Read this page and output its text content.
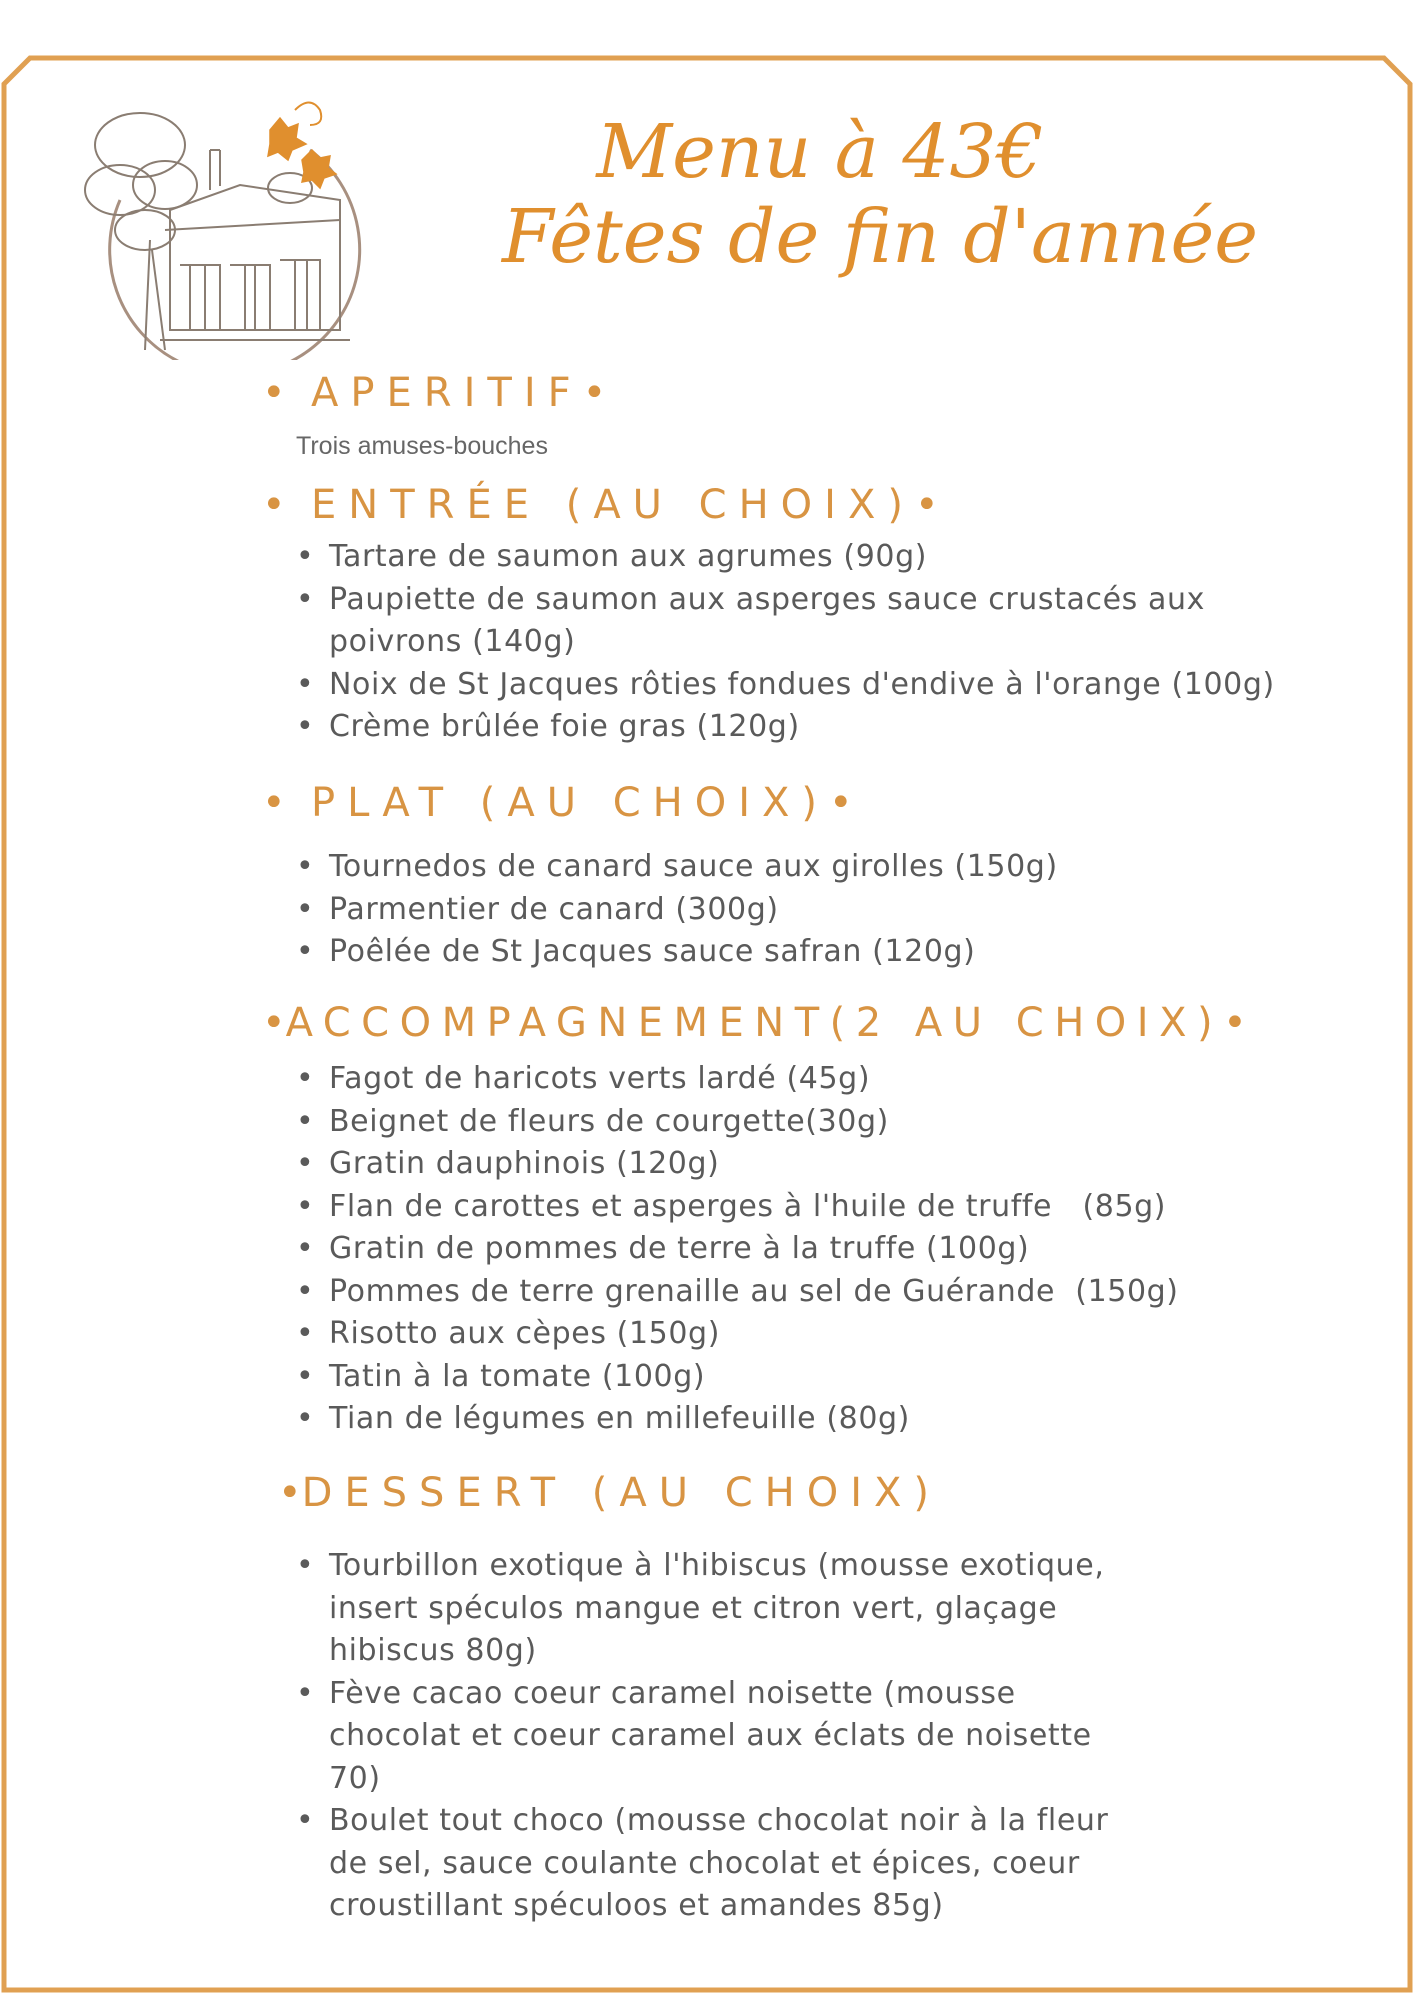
Menu à 43€
Fêtes de fin d'année
•  APERITIF•
Trois amuses-bouches
•  ENTRÉE (AU CHOIX)•
• Tartare de saumon aux agrumes (90g)
• Paupiette de saumon aux asperges sauce crustacés aux poivrons (140g)
• Noix de St Jacques rôties fondues d'endive à l'orange (100g)
• Crème brûlée foie gras (120g)
•  PLAT (AU CHOIX)•
• Tournedos de canard sauce aux girolles (150g)
• Parmentier de canard (300g)
• Poêlée de St Jacques sauce safran (120g)
•ACCOMPAGNEMENT(2 AU CHOIX)•
• Fagot de haricots verts lardé (45g)
• Beignet de fleurs de courgette(30g)
• Gratin dauphinois (120g)
• Flan de carottes et asperges à l'huile de truffe   (85g)
• Gratin de pommes de terre à la truffe (100g)
• Pommes de terre grenaille au sel de Guérande  (150g)
• Risotto aux cèpes (150g)
• Tatin à la tomate (100g)
• Tian de légumes en millefeuille (80g)
•DESSERT (AU CHOIX)
• Tourbillon exotique à l'hibiscus (mousse exotique, insert spéculos mangue et citron vert, glaçage hibiscus 80g)
• Fève cacao coeur caramel noisette (mousse chocolat et coeur caramel aux éclats de noisette 70)
• Boulet tout choco (mousse chocolat noir à la fleur de sel, sauce coulante chocolat et épices, coeur croustillant spéculoos et amandes 85g)
